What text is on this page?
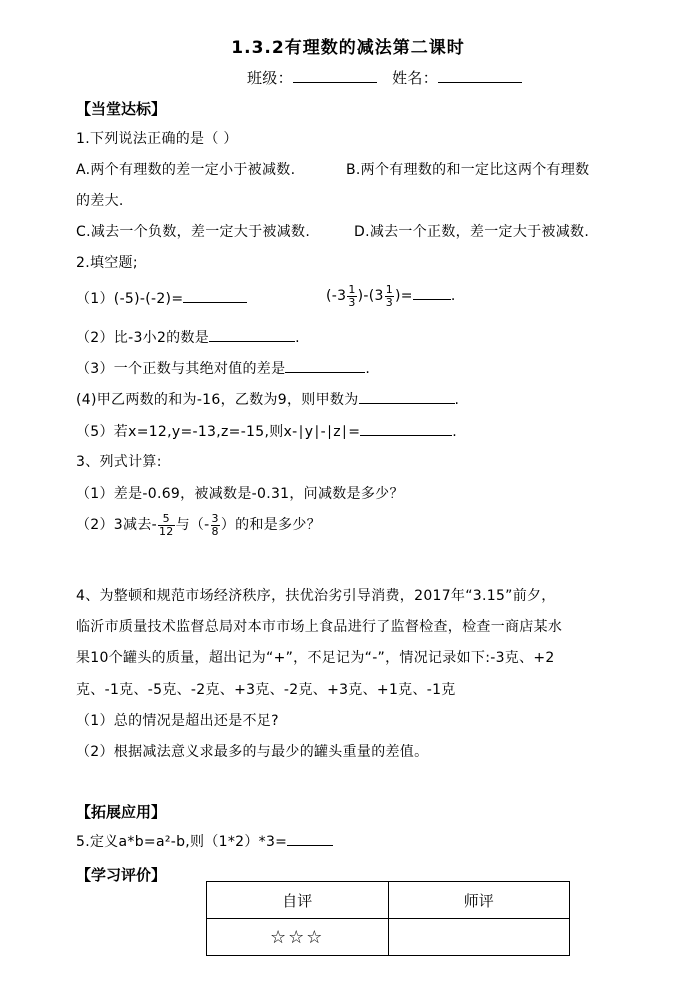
1.3.2有理数的减法第二课时
班级：	姓名：
【当堂达标】
1.下列说法正确的是（ ）
A.两个有理数的差一定小于被减数.	B.两个有理数的和一定比这两个有理数
的差大.
C.减去一个负数，差一定大于被减数.	D.减去一个正数，差一定大于被减数.
2.填空题;
（1）(-5)-(-2)=	$(-3 \frac{1}{3} )-(3 \frac{1}{3}$ )=	.
（2）比-3小2的数是	.
（3）一个正数与其绝对值的差是	.
(4)甲乙两数的和为-16，乙数为9，则甲数为	.
（5）若x=12,y=-13,z=-15,则x-∣y∣-∣z∣=	.
3、列式计算:
（1）差是-0.69，被减数是-0.31，问减数是多少？
（2）3减去- $\frac{5}{12}$ 与（- $\frac{3}{8}$ ）的和是多少？
4、为整顿和规范市场经济秩序，扶优治劣引导消费，2017年“3.15”前夕，
临沂市质量技术监督总局对本市市场上食品进行了监督检查，检查一商店某水
果10个罐头的质量，超出记为“+”，不足记为“-”，情况记录如下:-3克、+2
克、-1克、-5克、-2克、+3克、-2克、+3克、+1克、-1克
（1）总的情况是超出还是不足?
（2）根据减法意义求最多的与最少的罐头重量的差值。
【拓展应用】
5.定义a*b=a²-b,则（1*2）*3=
【学习评价】
自评	师评
☆☆☆	
